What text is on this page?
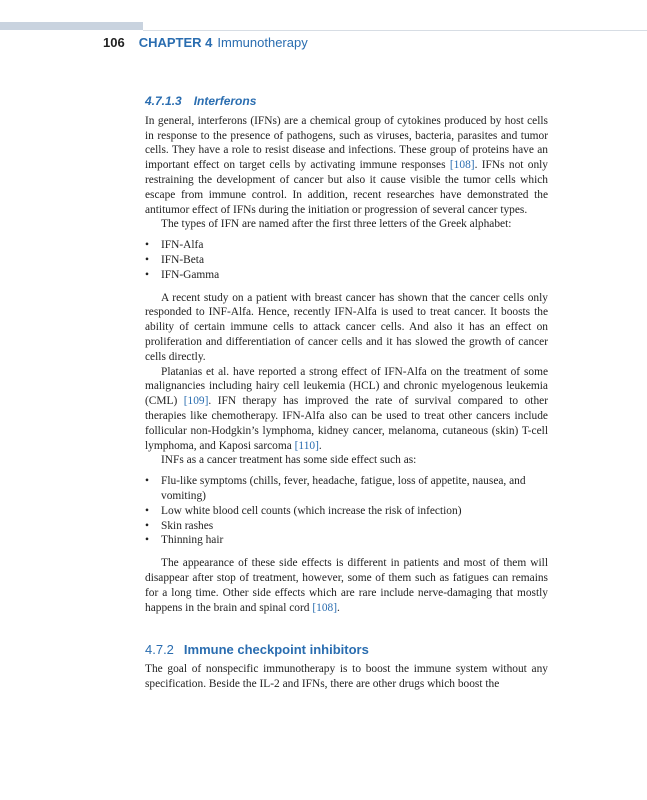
106 CHAPTER 4 Immunotherapy
4.7.1.3 Interferons

In general, interferons (IFNs) are a chemical group of cytokines produced by host cells in response to the presence of pathogens, such as viruses, bacteria, parasites and tumor cells. They have a role to resist disease and infections. These group of proteins have an important effect on target cells by activating immune responses [108]. IFNs not only restraining the development of cancer but also it cause visible the tumor cells which escape from immune control. In addition, recent researches have demonstrated the antitumor effect of IFNs during the initiation or progression of several cancer types.

The types of IFN are named after the first three letters of the Greek alphabet:

• IFN-Alfa
• IFN-Beta
• IFN-Gamma

A recent study on a patient with breast cancer has shown that the cancer cells only responded to INF-Alfa. Hence, recently IFN-Alfa is used to treat cancer. It boosts the ability of certain immune cells to attack cancer cells. And also it has an effect on proliferation and differentiation of cancer cells and it has slowed the growth of cancer cells directly.

Platanias et al. have reported a strong effect of IFN-Alfa on the treatment of some malignancies including hairy cell leukemia (HCL) and chronic myelogenous leukemia (CML) [109]. IFN therapy has improved the rate of survival compared to other therapies like chemotherapy. IFN-Alfa also can be used to treat other cancers include follicular non-Hodgkin’s lymphoma, kidney cancer, melanoma, cutaneous (skin) T-cell lymphoma, and Kaposi sarcoma [110].

INFs as a cancer treatment has some side effect such as:

• Flu-like symptoms (chills, fever, headache, fatigue, loss of appetite, nausea, and vomiting)
• Low white blood cell counts (which increase the risk of infection)
• Skin rashes
• Thinning hair

The appearance of these side effects is different in patients and most of them will disappear after stop of treatment, however, some of them such as fatigues can remains for a long time. Other side effects which are rare include nerve-damaging that mostly happens in the brain and spinal cord [108].

4.7.2 Immune checkpoint inhibitors

The goal of nonspecific immunotherapy is to boost the immune system without any specification. Beside the IL-2 and IFNs, there are other drugs which boost the
